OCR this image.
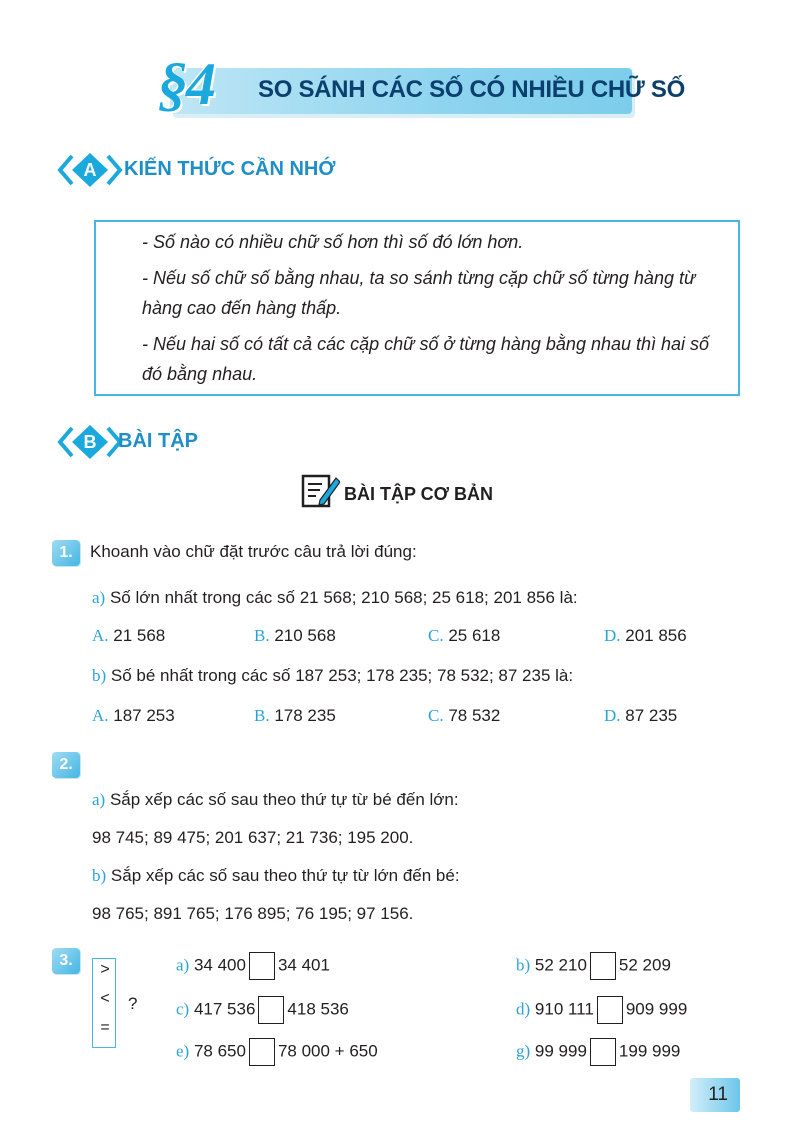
§4 SO SÁNH CÁC SỐ CÓ NHIỀU CHỮ SỐ
A	KIẾN THỨC CẦN NHỚ
- Số nào có nhiều chữ số hơn thì số đó lớn hơn.
- Nếu số chữ số bằng nhau, ta so sánh từng cặp chữ số từng hàng từ
hàng cao đến hàng thấp.
- Nếu hai số có tất cả các cặp chữ số ở từng hàng bằng nhau thì hai số
đó bằng nhau.
B	BÀI TẬP
BÀI TẬP CƠ BẢN
1.	Khoanh vào chữ đặt trước câu trả lời đúng:
a) Số lớn nhất trong các số 21 568; 210 568; 25 618; 201 856 là:
A. 21 568	B. 210 568	C. 25 618	D. 201 856
b) Số bé nhất trong các số 187 253; 178 235; 78 532; 87 235 là:
A. 187 253	B. 178 235	C. 78 532	D. 87 235
2.
a) Sắp xếp các số sau theo thứ tự từ bé đến lớn:
98 745; 89 475; 201 637; 21 736; 195 200.
b) Sắp xếp các số sau theo thứ tự từ lớn đến bé:
98 765; 891 765; 176 895; 76 195; 97 156.
3.
>
<
=
?
a) 34 400 34 401	b) 52 210 52 209
c) 417 536 418 536	d) 910 111 909 999
e) 78 650 78 000 + 650	g) 99 999 199 999
11
